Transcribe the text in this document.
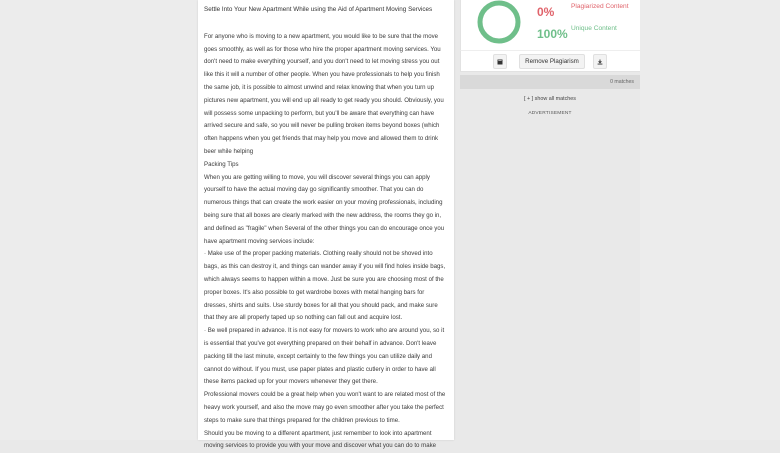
Settle Into Your New Apartment While using the Aid of Apartment Moving Services

For anyone who is moving to a new apartment, you would like to be sure that the move goes smoothly, as well as for those who hire the proper apartment moving services. You don't need to make everything yourself, and you don't need to let moving stress you out like this it will a number of other people. When you have professionals to help you finish the same job, it is possible to almost unwind and relax knowing that when you turn up pictures new apartment, you will end up all ready to get ready you should. Obviously, you will possess some unpacking to perform, but you'll be aware that everything can have arrived secure and safe, so you will never be pulling broken items beyond boxes (which often happens when you get friends that may help you move and allowed them to drink beer while helping

Packing Tips

When you are getting willing to move, you will discover several things you can apply yourself to have the actual moving day go significantly smoother. That you can do numerous things that can create the work easier on your moving professionals, including being sure that all boxes are clearly marked with the new address, the rooms they go in, and defined as "fragile" when Several of the other things you can do encourage once you have apartment moving services include:

· Make use of the proper packing materials. Clothing really should not be shoved into bags, as this can destroy it, and things can wander away if you will find holes inside bags, which always seems to happen within a move. Just be sure you are choosing most of the proper boxes. It's also possible to get wardrobe boxes with metal hanging bars for dresses, shirts and suits. Use sturdy boxes for all that you should pack, and make sure that they are all properly taped up so nothing can fall out and acquire lost.

· Be well prepared in advance. It is not easy for movers to work who are around you, so it is essential that you've got everything prepared on their behalf in advance. Don't leave packing till the last minute, except certainly to the few things you can utilize daily and cannot do without. If you must, use paper plates and plastic cutlery in order to have all these items packed up for your movers whenever they get there.

Professional movers could be a great help when you won't want to are related most of the heavy work yourself, and also the move may go even smoother after you take the perfect steps to make sure that things prepared for the children previous to time.

Should you be moving to a different apartment, just remember to look into apartment moving services to provide you with your move and discover what you can do to make

0%	Plagiarized Content
100% Unique Content
Remove Plagiarism
0 matches
[ + ] show all matches
ADVERTISEMENT
